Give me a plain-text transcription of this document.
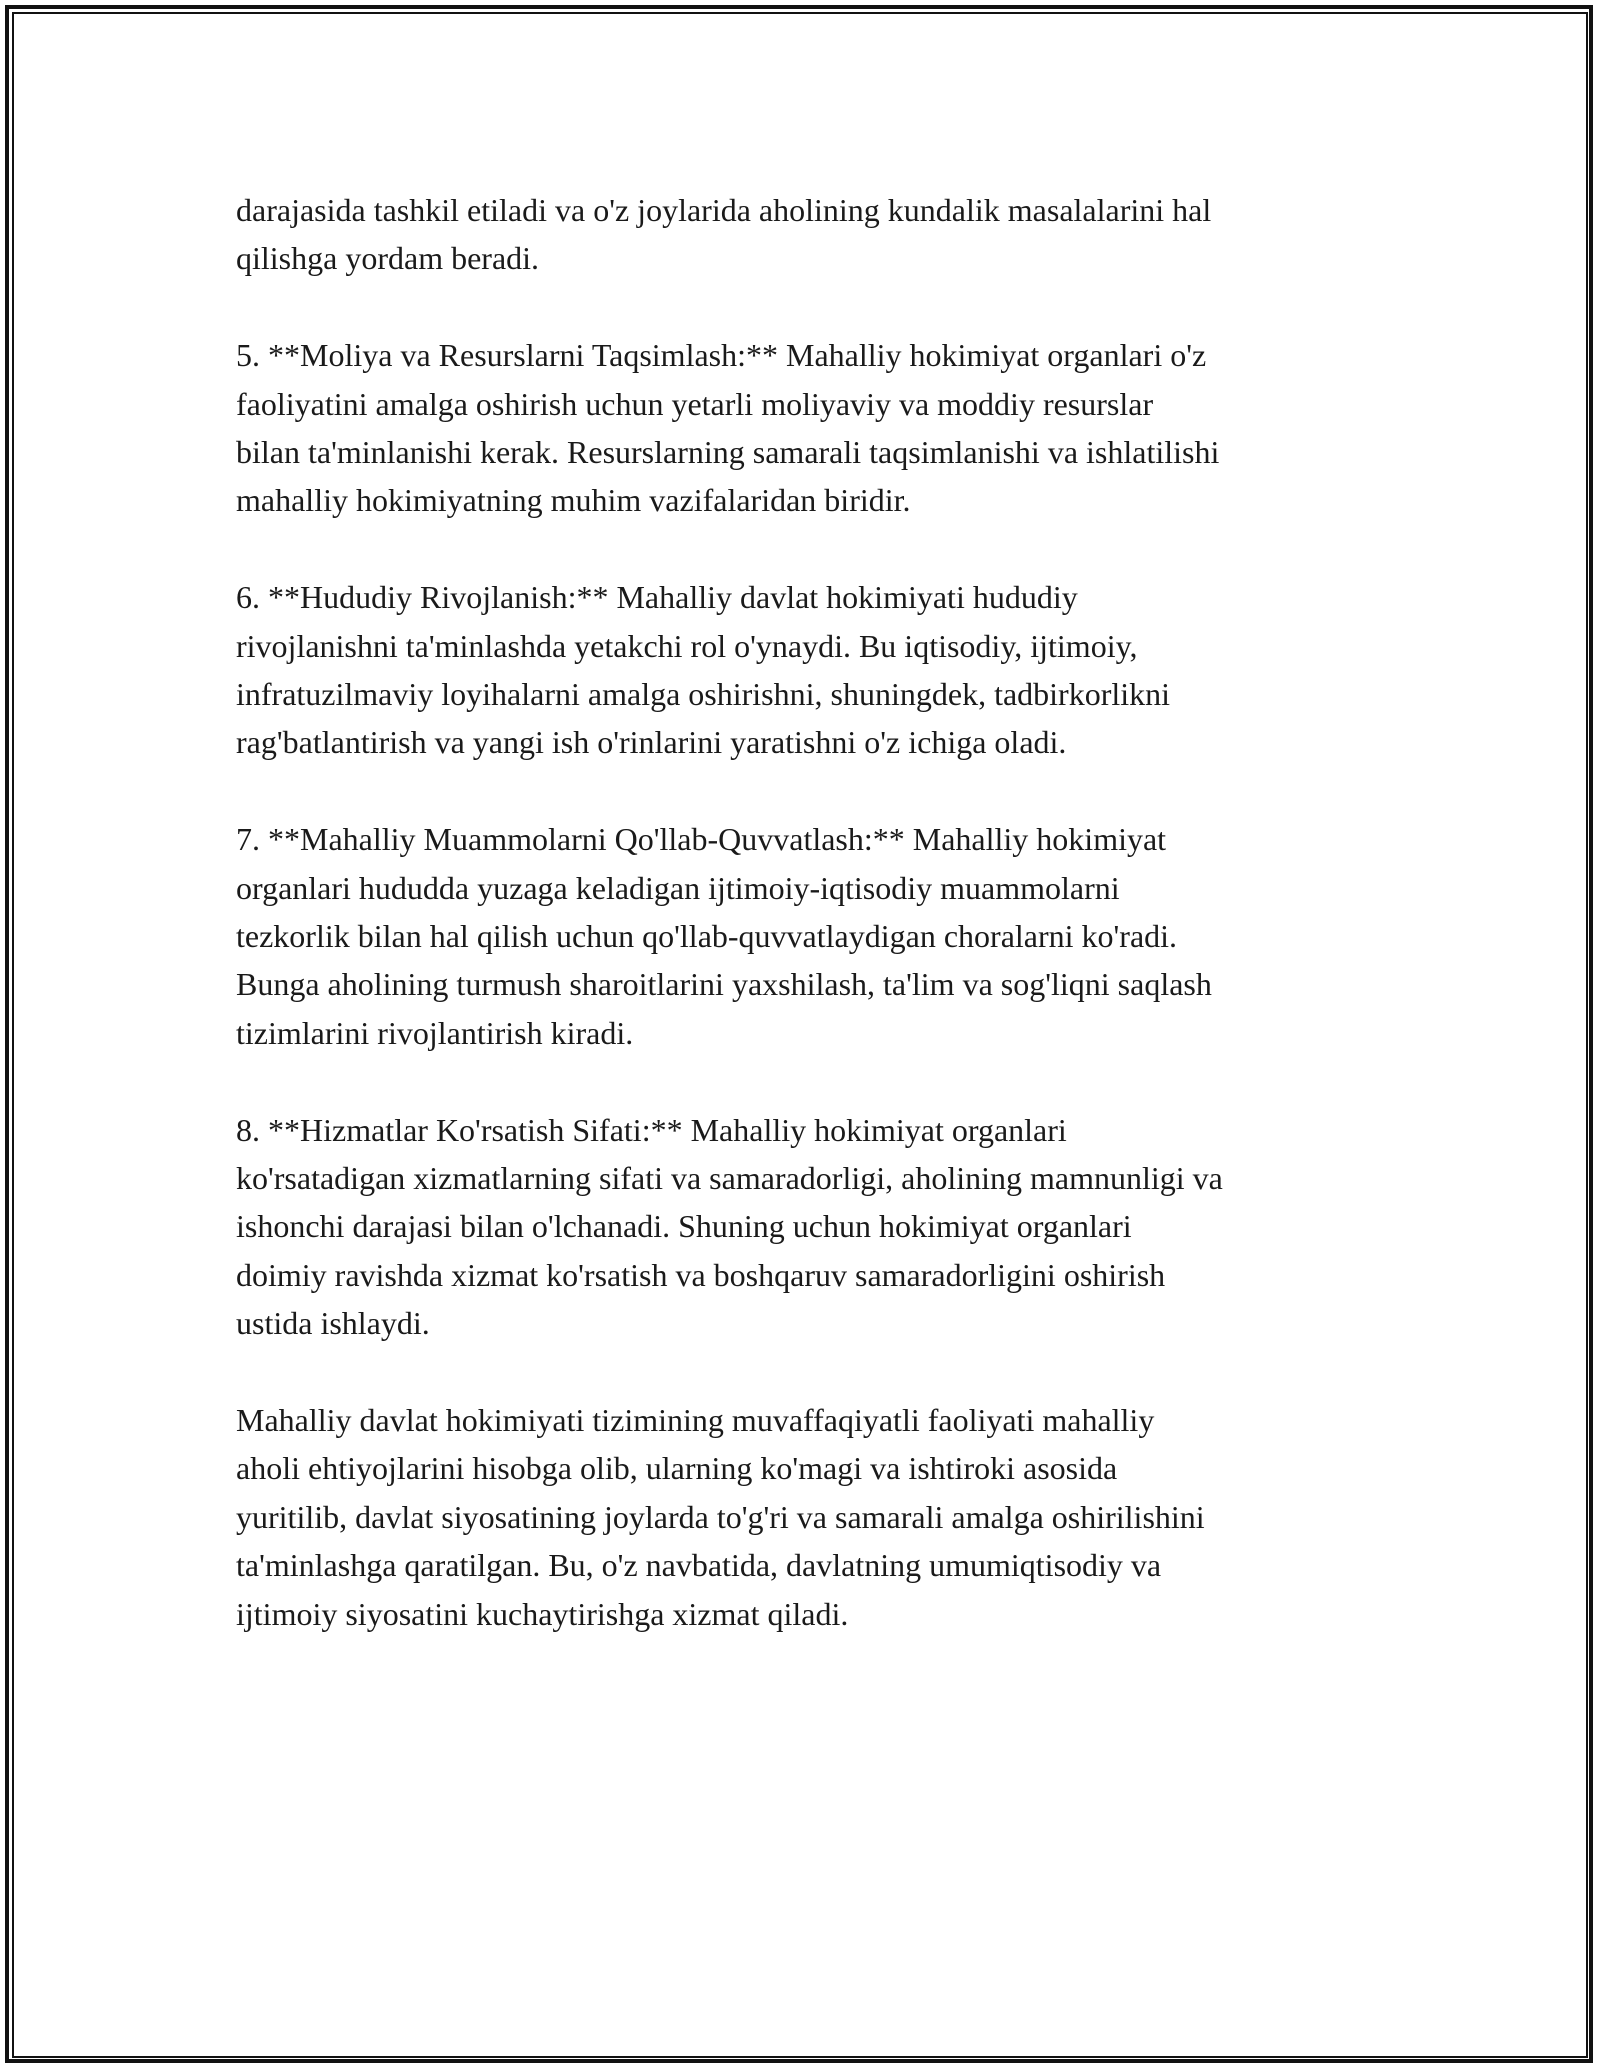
darajasida tashkil etiladi va o'z joylarida aholining kundalik masalalarini hal
qilishga yordam beradi.

5. **Moliya va Resurslarni Taqsimlash:** Mahalliy hokimiyat organlari o'z
faoliyatini amalga oshirish uchun yetarli moliyaviy va moddiy resurslar
bilan ta'minlanishi kerak. Resurslarning samarali taqsimlanishi va ishlatilishi
mahalliy hokimiyatning muhim vazifalaridan biridir.

6. **Hududiy Rivojlanish:** Mahalliy davlat hokimiyati hududiy
rivojlanishni ta'minlashda yetakchi rol o'ynaydi. Bu iqtisodiy, ijtimoiy,
infratuzilmaviy loyihalarni amalga oshirishni, shuningdek, tadbirkorlikni
rag'batlantirish va yangi ish o'rinlarini yaratishni o'z ichiga oladi.

7. **Mahalliy Muammolarni Qo'llab-Quvvatlash:** Mahalliy hokimiyat
organlari hududda yuzaga keladigan ijtimoiy-iqtisodiy muammolarni
tezkorlik bilan hal qilish uchun qo'llab-quvvatlaydigan choralarni ko'radi.
Bunga aholining turmush sharoitlarini yaxshilash, ta'lim va sog'liqni saqlash
tizimlarini rivojlantirish kiradi.

8. **Hizmatlar Ko'rsatish Sifati:** Mahalliy hokimiyat organlari
ko'rsatadigan xizmatlarning sifati va samaradorligi, aholining mamnunligi va
ishonchi darajasi bilan o'lchanadi. Shuning uchun hokimiyat organlari
doimiy ravishda xizmat ko'rsatish va boshqaruv samaradorligini oshirish
ustida ishlaydi.

Mahalliy davlat hokimiyati tizimining muvaffaqiyatli faoliyati mahalliy
aholi ehtiyojlarini hisobga olib, ularning ko'magi va ishtiroki asosida
yuritilib, davlat siyosatining joylarda to'g'ri va samarali amalga oshirilishini
ta'minlashga qaratilgan. Bu, o'z navbatida, davlatning umumiqtisodiy va
ijtimoiy siyosatini kuchaytirishga xizmat qiladi.
